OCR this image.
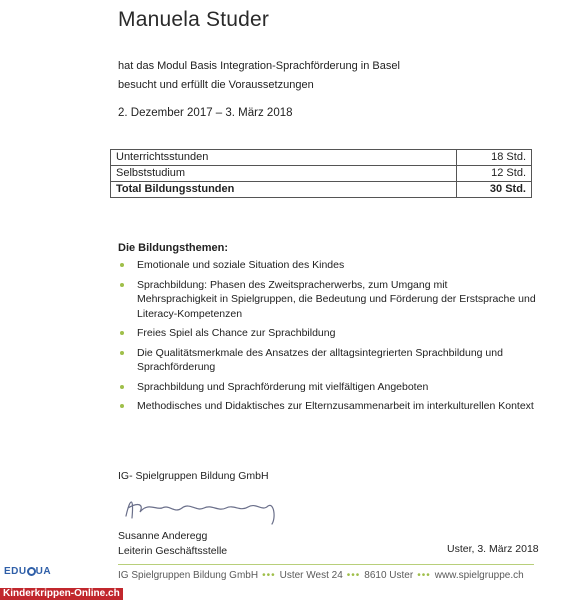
Manuela Studer
hat das Modul Basis Integration-Sprachförderung in Basel
besucht und erfüllt die Voraussetzungen
2. Dezember 2017 – 3. März 2018
Unterrichtsstunden	18 Std.
Selbststudium	12 Std.
Total Bildungsstunden	30 Std.
Die Bildungsthemen:
Emotionale und soziale Situation des Kindes
Sprachbildung: Phasen des Zweitspracherwerbs, zum Umgang mit
Mehrsprachigkeit in Spielgruppen, die Bedeutung und Förderung der Erstsprache und Literacy-Kompetenzen
Freies Spiel als Chance zur Sprachbildung
Die Qualitätsmerkmale des Ansatzes der alltagsintegrierten Sprachbildung und Sprachförderung
Sprachbildung und Sprachförderung mit vielfältigen Angeboten
Methodisches und Didaktisches zur Elternzusammenarbeit im interkulturellen Kontext
IG- Spielgruppen Bildung GmbH
Susanne Anderegg
Leiterin Geschäftsstelle	Uster, 3. März 2018
IG Spielgruppen Bildung GmbH ••• Uster West 24 ••• 8610 Uster ••• www.spielgruppe.ch
EDU UA
Kinderkrippen-Online.ch
